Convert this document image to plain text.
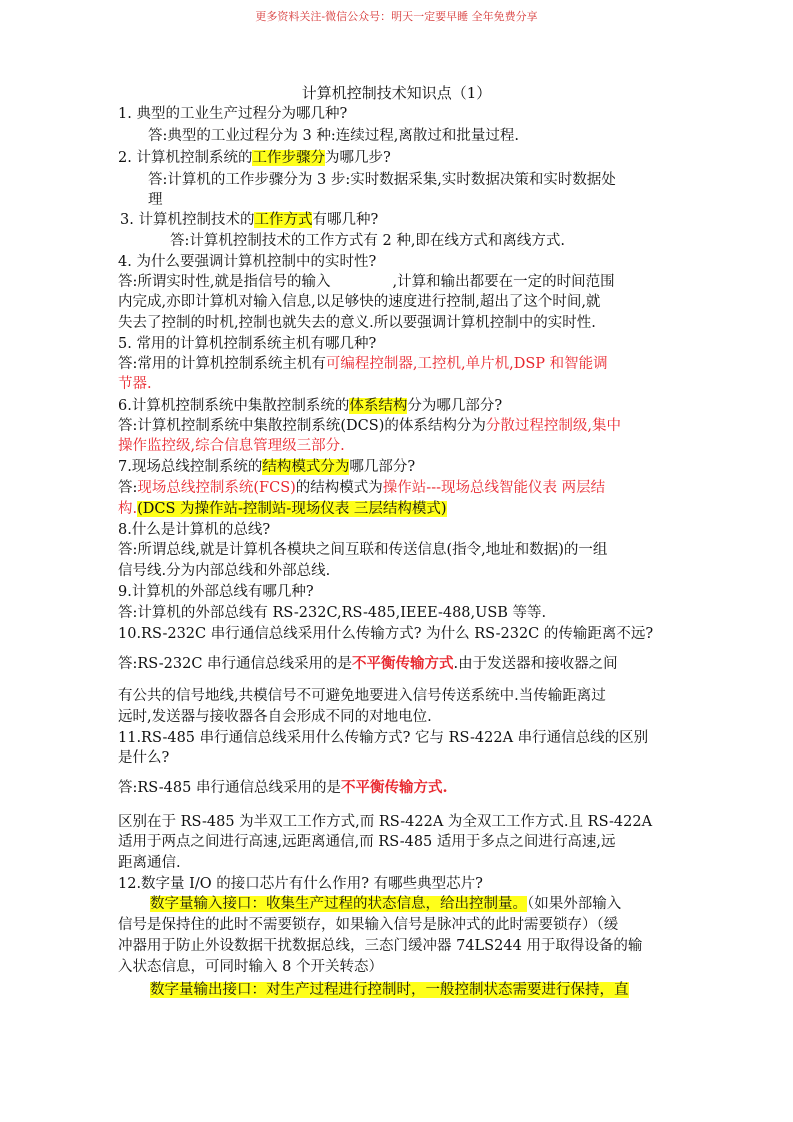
更多资料关注-微信公众号：明天一定要早睡 全年免费分享
计算机控制技术知识点（1）
1. 典型的工业生产过程分为哪几种?
答:典型的工业过程分为 3 种:连续过程,离散过和批量过程.
2. 计算机控制系统的工作步骤分为哪几步?
答:计算机的工作步骤分为 3 步:实时数据采集,实时数据决策和实时数据处
理
3. 计算机控制技术的工作方式有哪几种?
答:计算机控制技术的工作方式有 2 种,即在线方式和离线方式.
4. 为什么要强调计算机控制中的实时性?
答:所谓实时性,就是指信号的输入	,计算和输出都要在一定的时间范围
内完成,亦即计算机对输入信息,以足够快的速度进行控制,超出了这个时间,就
失去了控制的时机,控制也就失去的意义.所以要强调计算机控制中的实时性.
5. 常用的计算机控制系统主机有哪几种?
答:常用的计算机控制系统主机有可编程控制器,工控机,单片机,DSP 和智能调
节器.
6.计算机控制系统中集散控制系统的体系结构分为哪几部分?
答:计算机控制系统中集散控制系统(DCS)的体系结构分为分散过程控制级,集中
操作监控级,综合信息管理级三部分.
7.现场总线控制系统的结构模式分为哪几部分?
答:现场总线控制系统(FCS)的结构模式为操作站---现场总线智能仪表 两层结
构.(DCS 为操作站-控制站-现场仪表 三层结构模式)
8.什么是计算机的总线?
答:所谓总线,就是计算机各模块之间互联和传送信息(指令,地址和数据)的一组
信号线.分为内部总线和外部总线.
9.计算机的外部总线有哪几种?
答:计算机的外部总线有 RS-232C,RS-485,IEEE-488,USB 等等.
10.RS-232C 串行通信总线采用什么传输方式? 为什么 RS-232C 的传输距离不远?
答:RS-232C 串行通信总线采用的是不平衡传输方式.由于发送器和接收器之间
有公共的信号地线,共模信号不可避免地要进入信号传送系统中.当传输距离过
远时,发送器与接收器各自会形成不同的对地电位.
11.RS-485 串行通信总线采用什么传输方式? 它与 RS-422A 串行通信总线的区别
是什么?
答:RS-485 串行通信总线采用的是不平衡传输方式.
区别在于 RS-485 为半双工工作方式,而 RS-422A 为全双工工作方式.且 RS-422A
适用于两点之间进行高速,远距离通信,而 RS-485 适用于多点之间进行高速,远
距离通信.
12.数字量 I/O 的接口芯片有什么作用? 有哪些典型芯片?
数字量输入接口：收集生产过程的状态信息，给出控制量。（如果外部输入
信号是保持住的此时不需要锁存，如果输入信号是脉冲式的此时需要锁存）（缓
冲器用于防止外设数据干扰数据总线，三态门缓冲器 74LS244 用于取得设备的输
入状态信息，可同时输入 8 个开关转态）
数字量输出接口：对生产过程进行控制时，一般控制状态需要进行保持，直
